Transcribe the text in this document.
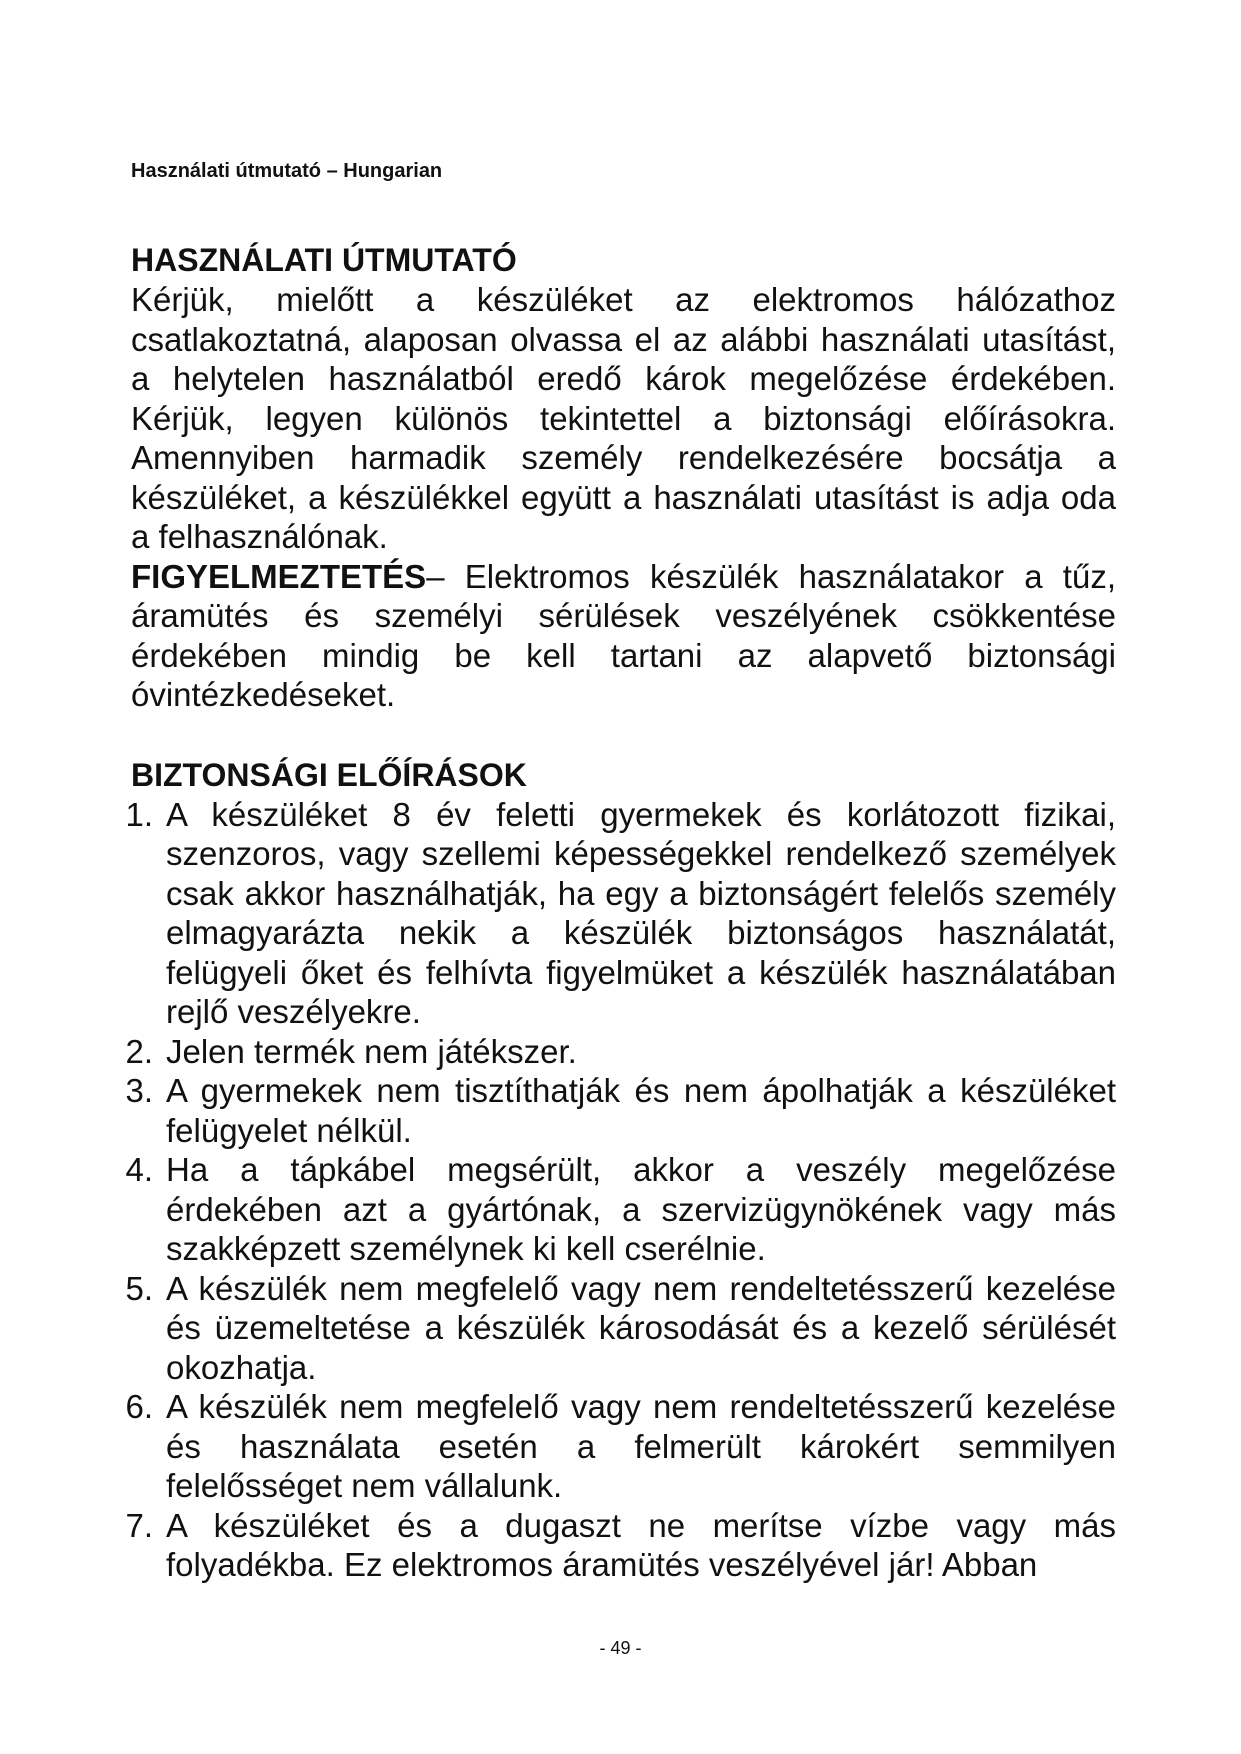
Használati útmutató – Hungarian
HASZNÁLATI ÚTMUTATÓ

Kérjük, mielőtt a készüléket az elektromos hálózathoz csatlakoztatná, alaposan olvassa el az alábbi használati utasítást, a helytelen használatból eredő károk megelőzése érdekében. Kérjük, legyen különös tekintettel a biztonsági előírásokra. Amennyiben harmadik személy rendelkezésére bocsátja a készüléket, a készülékkel együtt a használati utasítást is adja oda a felhasználónak.

FIGYELMEZTETÉS– Elektromos készülék használatakor a tűz, áramütés és személyi sérülések veszélyének csökkentése érdekében mindig be kell tartani az alapvető biztonsági óvintézkedéseket.

BIZTONSÁGI ELŐÍRÁSOK
1. A készüléket 8 év feletti gyermekek és korlátozott fizikai, szenzoros, vagy szellemi képességekkel rendelkező személyek csak akkor használhatják, ha egy a biztonságért felelős személy elmagyarázta nekik a készülék biztonságos használatát, felügyeli őket és felhívta figyelmüket a készülék használatában rejlő veszélyekre.
2. Jelen termék nem játékszer.
3. A gyermekek nem tisztíthatják és nem ápolhatják a készüléket felügyelet nélkül.
4. Ha a tápkábel megsérült, akkor a veszély megelőzése érdekében azt a gyártónak, a szervizügynökének vagy más szakképzett személynek ki kell cserélnie.
5. A készülék nem megfelelő vagy nem rendeltetésszerű kezelése és üzemeltetése a készülék károsodását és a kezelő sérülését okozhatja.
6. A készülék nem megfelelő vagy nem rendeltetésszerű kezelése és használata esetén a felmerült károkért semmilyen felelősséget nem vállalunk.
7. A készüléket és a dugaszt ne merítse vízbe vagy más folyadékba. Ez elektromos áramütés veszélyével jár! Abban
- 49 -
